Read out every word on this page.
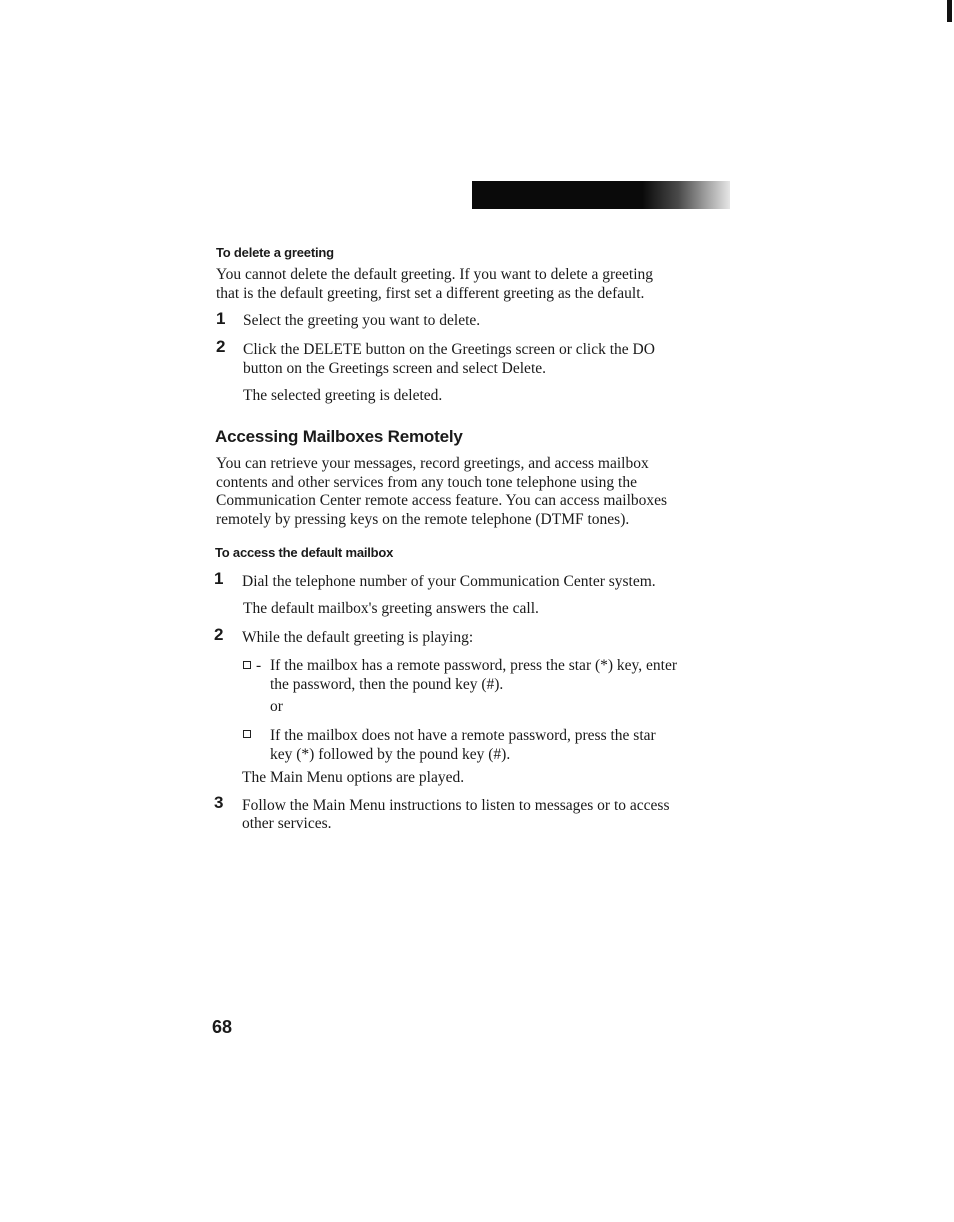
To delete a greeting
You cannot delete the default greeting. If you want to delete a greeting
that is the default greeting, first set a different greeting as the default.
1 Select the greeting you want to delete.
2 Click the DELETE button on the Greetings screen or click the DO
button on the Greetings screen and select Delete.
The selected greeting is deleted.
Accessing Mailboxes Remotely
You can retrieve your messages, record greetings, and access mailbox
contents and other services from any touch tone telephone using the
Communication Center remote access feature. You can access mailboxes
remotely by pressing keys on the remote telephone (DTMF tones).
To access the default mailbox
1 Dial the telephone number of your Communication Center system.
The default mailbox's greeting answers the call.
2 While the default greeting is playing:
- If the mailbox has a remote password, press the star (*) key, enter
the password, then the pound key (#).
or
If the mailbox does not have a remote password, press the star
key (*) followed by the pound key (#).
The Main Menu options are played.
3 Follow the Main Menu instructions to listen to messages or to access
other services.
68
